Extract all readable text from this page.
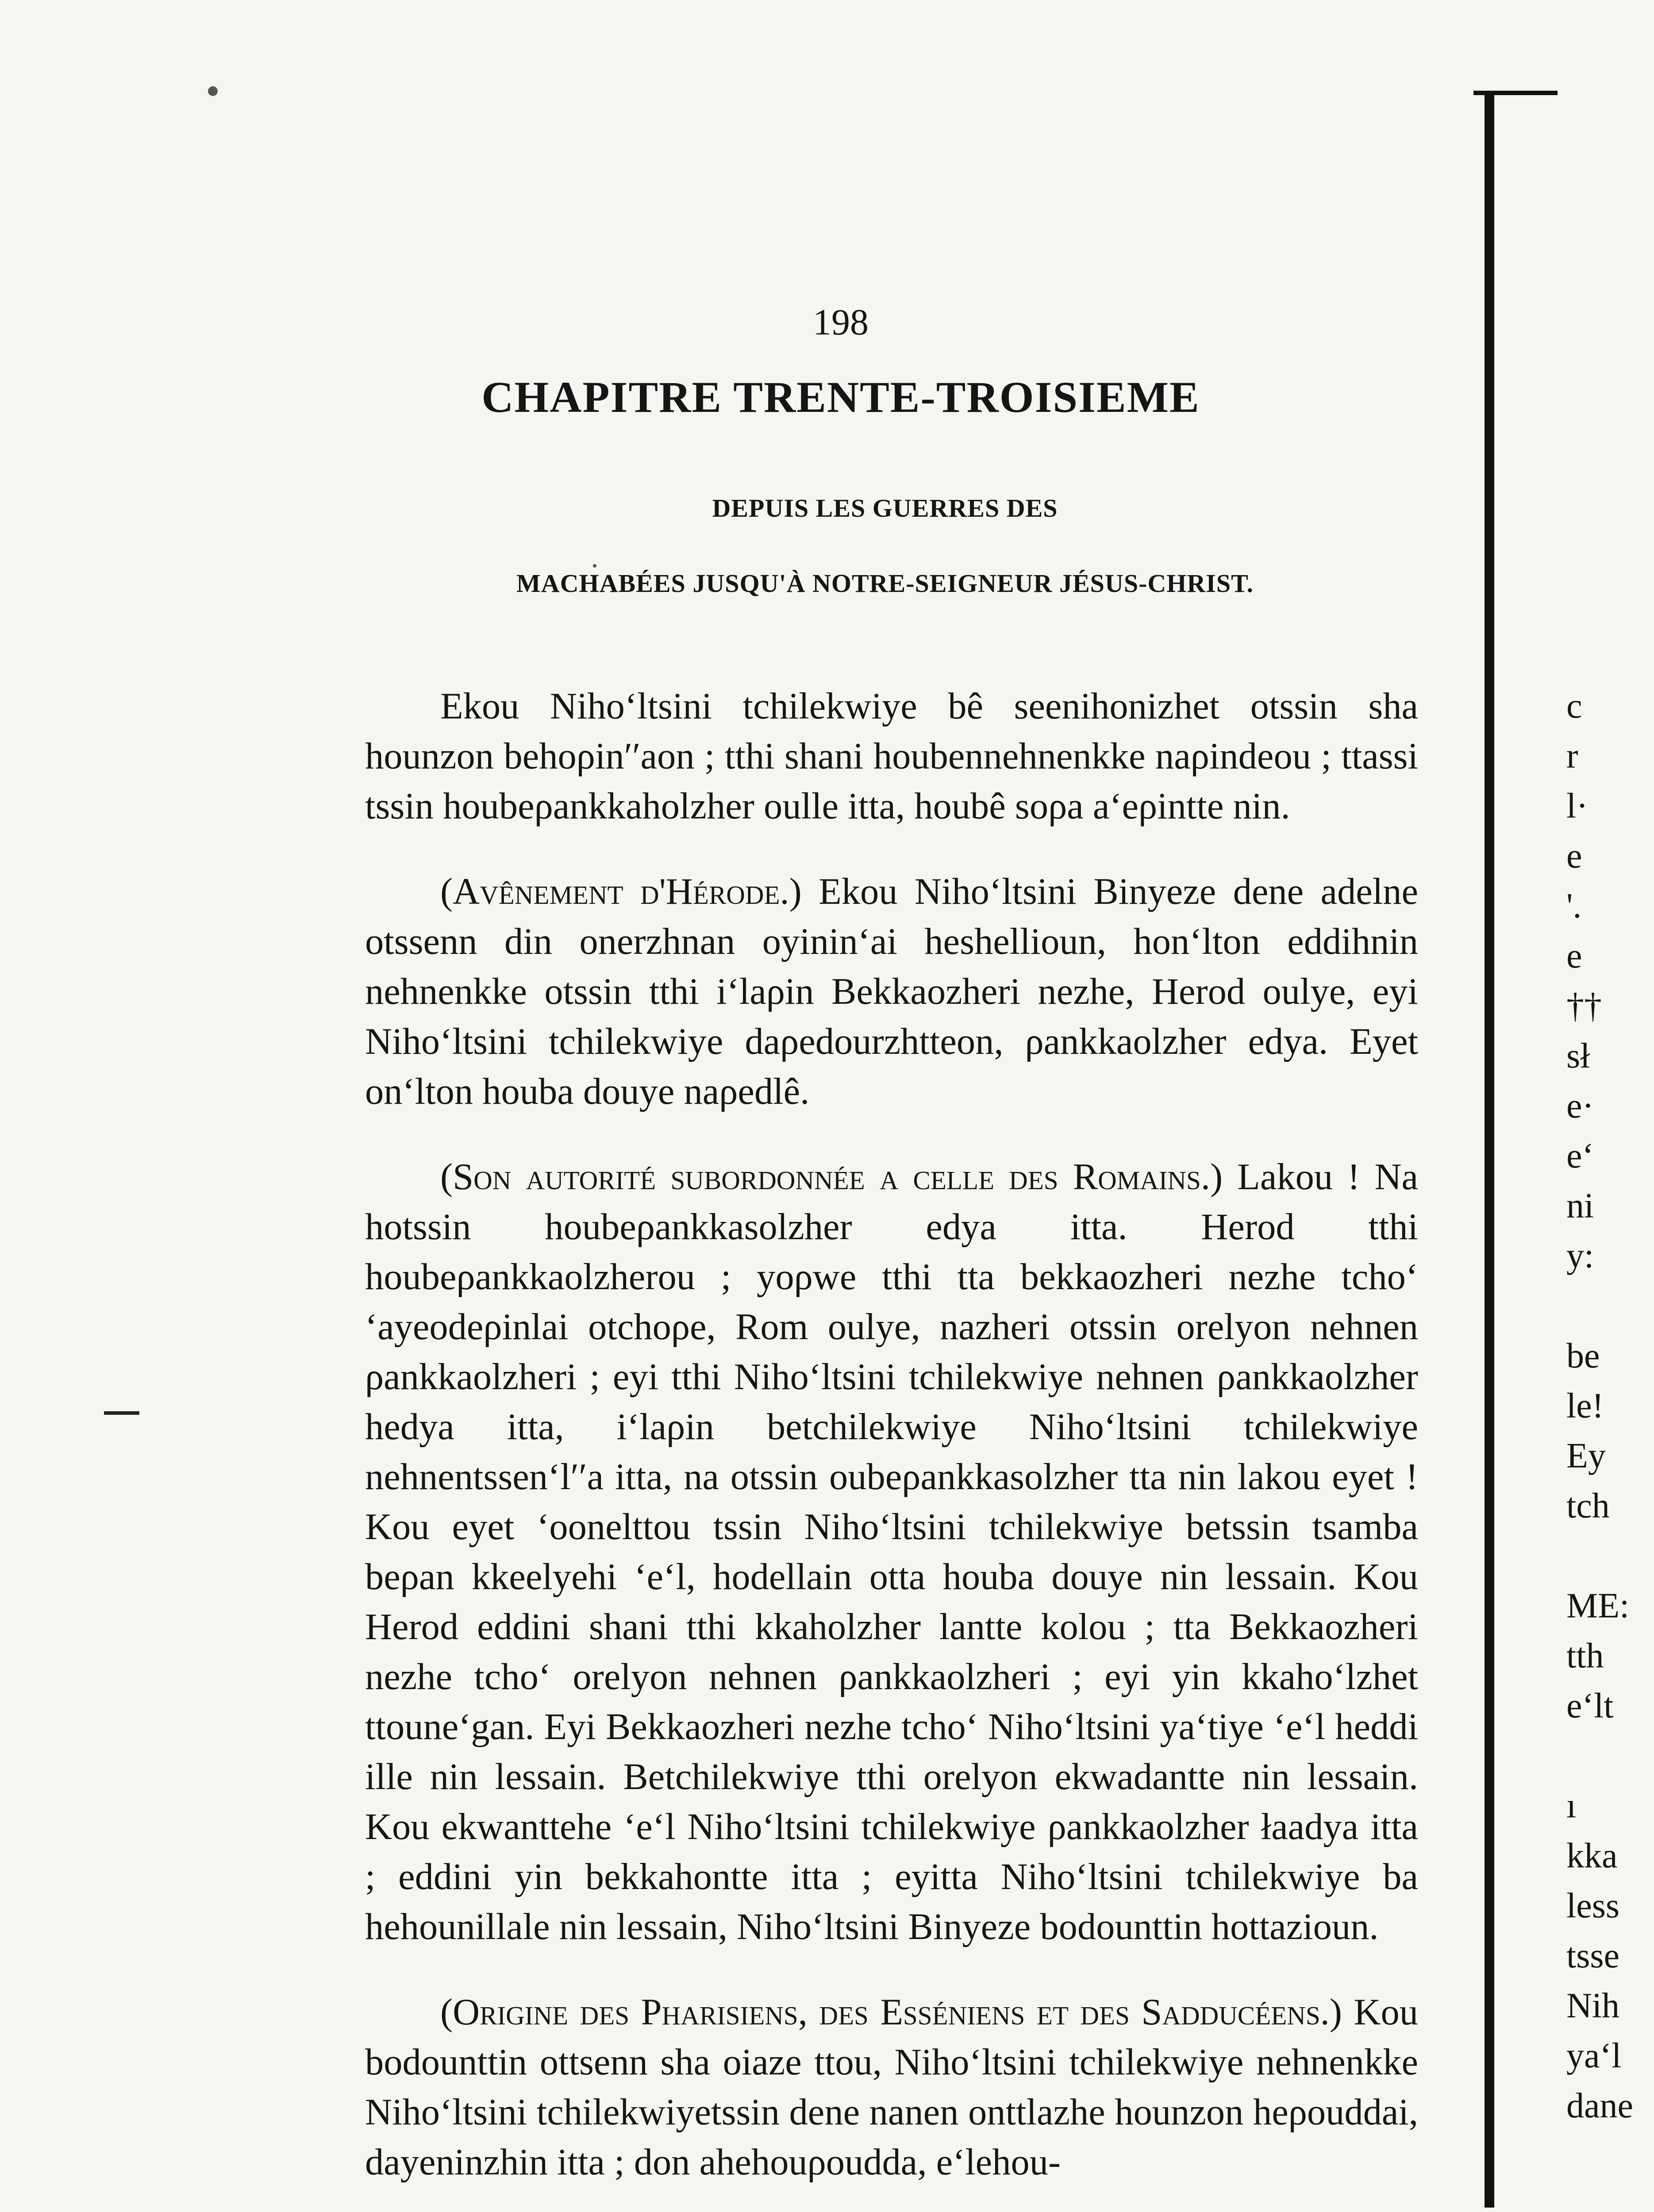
198
CHAPITRE TRENTE-TROISIEME
DEPUIS LES GUERRES DES
MACHABÉES JUSQU'À NOTRE-SEIGNEUR JÉSUS-CHRIST.

Ekou Niho‘ltsini tchilekwiye bê seenihonizhet otssin sha hounzon behoρin′′aon ; tthi shani houbennehnenkke naρindeou ; ttassi tssin houbeρankkaholzher oulle itta, houbê soρa a‘eρintte nin.

(Avênement d'Hérode.) Ekou Niho‘ltsini Binyeze dene adelne otssenn din onerzhnan oyinin‘ai heshellioun, hon‘lton eddihnin nehnenkke otssin tthi i‘laρin Bekkaozheri nezhe, Herod oulye, eyi Niho‘ltsini tchilekwiye daρedourzhtteon, ρankkaolzher edya. Eyet on‘lton houba douye naρedlê.

(Son autorité subordonnée a celle des Romains.) Lakou ! Na hotssin houbeρankkasolzher edya itta. Herod tthi houbeρankkaolzherou ; yoρwe tthi tta bekkaozheri nezhe tcho‘ ‘ayeodeρinlai otchoρe, Rom oulye, nazheri otssin orelyon nehnen ρankkaolzheri ; eyi tthi Niho‘ltsini tchilekwiye nehnen ρankkaolzher hedya itta, i‘laρin betchilekwiye Niho‘ltsini tchilekwiye nehnentssen‘l′′a itta, na otssin oubeρankkasolzher tta nin lakou eyet ! Kou eyet ‘oonelttou tssin Niho‘ltsini tchilekwiye betssin tsamba beρan kkeelyehi ‘e‘l, hodellain otta houba douye nin lessain. Kou Herod eddini shani tthi kkaholzher lantte kolou ; tta Bekkaozheri nezhe tcho‘ orelyon nehnen ρankkaolzheri ; eyi yin kkaho‘lzhet ttoune‘gan. Eyi Bekkaozheri nezhe tcho‘ Niho‘ltsini ya‘tiye ‘e‘l heddi ille nin lessain. Betchilekwiye tthi orelyon ekwadantte nin lessain. Kou ekwanttehe ‘e‘l Niho‘ltsini tchilekwiye ρankkaolzher łaadya itta ; eddini yin bekkahontte itta ; eyitta Niho‘ltsini tchilekwiye ba hehounillale nin lessain, Niho‘ltsini Binyeze bodounttin hottazioun.

(Origine des Pharisiens, des Esséniens et des Sadducéens.) Kou bodounttin ottsenn sha oiaze ttou, Niho‘ltsini tchilekwiye nehnenkke Niho‘ltsini tchilekwiyetssin dene nanen onttlazhe hounzon heρouddai, dayeninzhin itta ; don ahehouρoudda, e‘lehou-

c
r
l·
e
'.
e
††
sł
e·
e‘
ni
y:

be
le!
Ey
tch

ME:
tth
e‘lt

ı
kka
less
tsse
Nih
ya‘l
dane
